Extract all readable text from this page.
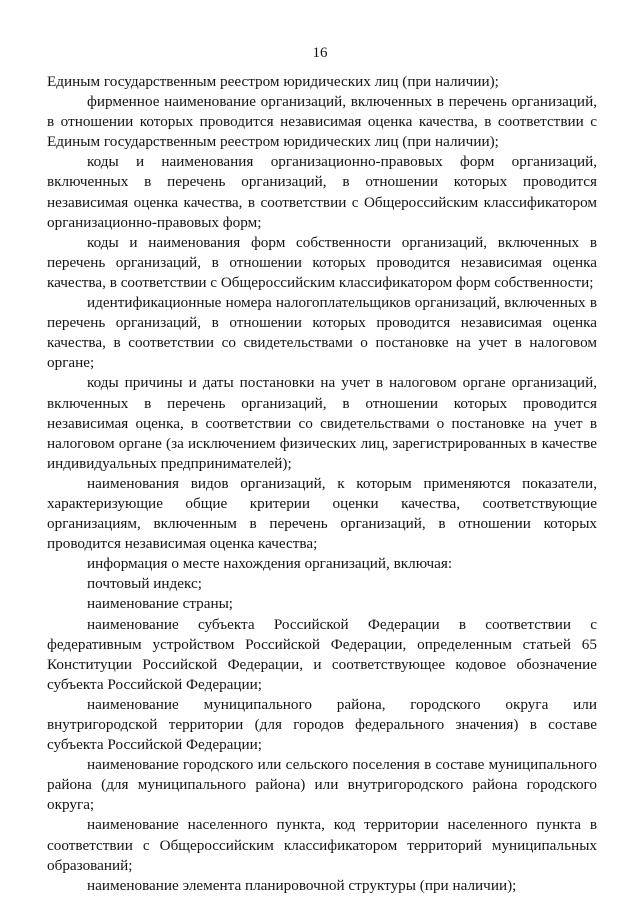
16

Единым государственным реестром юридических лиц (при наличии);

фирменное наименование организаций, включенных в перечень организаций, в отношении которых проводится независимая оценка качества, в соответствии с Единым государственным реестром юридических лиц (при наличии);

коды и наименования организационно-правовых форм организаций, включенных в перечень организаций, в отношении которых проводится независимая оценка качества, в соответствии с Общероссийским классификатором организационно-правовых форм;

коды и наименования форм собственности организаций, включенных в перечень организаций, в отношении которых проводится независимая оценка качества, в соответствии с Общероссийским классификатором форм собственности;

идентификационные номера налогоплательщиков организаций, включенных в перечень организаций, в отношении которых проводится независимая оценка качества, в соответствии со свидетельствами о постановке на учет в налоговом органе;

коды причины и даты постановки на учет в налоговом органе организаций, включенных в перечень организаций, в отношении которых проводится независимая оценка, в соответствии со свидетельствами о постановке на учет в налоговом органе (за исключением физических лиц, зарегистрированных в качестве индивидуальных предпринимателей);

наименования видов организаций, к которым применяются показатели, характеризующие общие критерии оценки качества, соответствующие организациям, включенным в перечень организаций, в отношении которых проводится независимая оценка качества;

информация о месте нахождения организаций, включая:

почтовый индекс;

наименование страны;

наименование субъекта Российской Федерации в соответствии с федеративным устройством Российской Федерации, определенным статьей 65 Конституции Российской Федерации, и соответствующее кодовое обозначение субъекта Российской Федерации;

наименование муниципального района, городского округа или внутригородской территории (для городов федерального значения) в составе субъекта Российской Федерации;

наименование городского или сельского поселения в составе муниципального района (для муниципального района) или внутригородского района городского округа;

наименование населенного пункта, код территории населенного пункта в соответствии с Общероссийским классификатором территорий муниципальных образований;

наименование элемента планировочной структуры (при наличии);
